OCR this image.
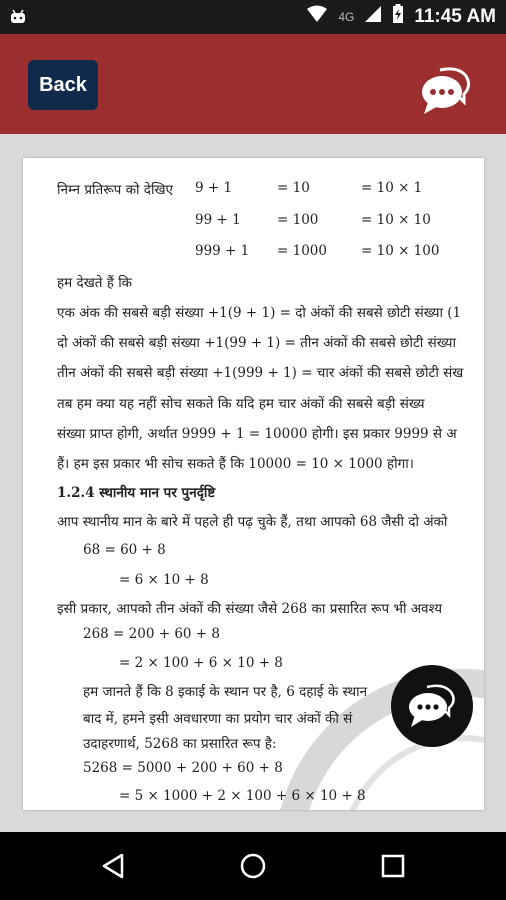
4G	11:45 AM
Back
निम्न प्रतिरूप को देखिए 9 + 1	= 10	= 10 × 1
99 + 1	= 100	= 10 × 10
999 + 1 = 1000	= 10 × 100
हम देखते हैं कि
एक अंक की सबसे बड़ी संख्या +1(9 + 1) = दो अंकों की सबसे छोटी संख्या (1
दो अंकों की सबसे बड़ी संख्या +1(99 + 1) = तीन अंकों की सबसे छोटी संख्या
तीन अंकों की सबसे बड़ी संख्या +1(999 + 1) = चार अंकों की सबसे छोटी संख
तब हम क्या यह नहीं सोच सकते कि यदि हम चार अंकों की सबसे बड़ी संख्य
संख्या प्राप्त होगी, अर्थात 9999 + 1 = 10000 होगी। इस प्रकार 9999 से अ
हैं। हम इस प्रकार भी सोच सकते हैं कि 10000 = 10 × 1000 होगा।
1.2.4 स्थानीय मान पर पुनर्दृष्टि
आप स्थानीय मान के बारे में पहले ही पढ़ चुके हैं, तथा आपको 68 जैसी दो अंको
68 = 60 + 8
= 6 × 10 + 8
इसी प्रकार, आपको तीन अंकों की संख्या जैसे 268 का प्रसारित रूप भी अवश्य
268 = 200 + 60 + 8
= 2 × 100 + 6 × 10 + 8
हम जानते हैं कि 8 इकाई के स्थान पर है, 6 दहाई के स्थान
बाद में, हमने इसी अवधारणा का प्रयोग चार अंकों की सं
उदाहरणार्थ, 5268 का प्रसारित रूप है:
5268 = 5000 + 200 + 60 + 8
= 5 × 1000 + 2 × 100 + 6 × 10 + 8
